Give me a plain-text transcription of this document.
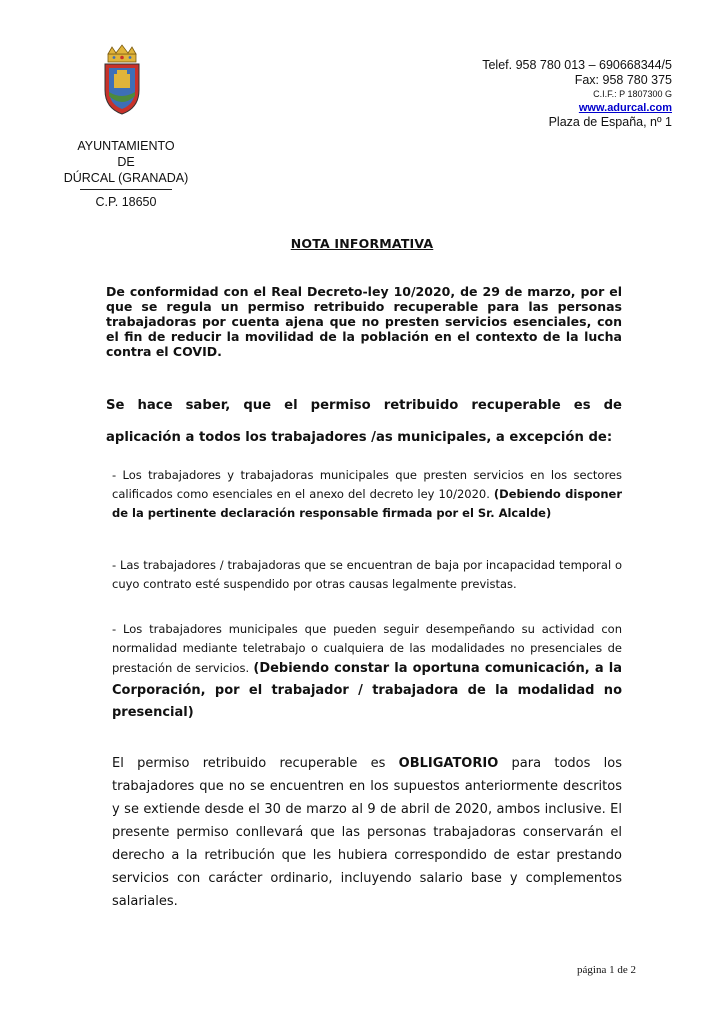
AYUNTAMIENTO
DE
DÚRCAL (GRANADA)
C.P. 18650
Telef. 958 780 013 – 690668344/5
Fax: 958 780 375
C.I.F.: P 1807300 G
www.adurcal.com
Plaza de España, nº 1
NOTA INFORMATIVA
De conformidad con el Real Decreto-ley 10/2020, de 29 de marzo, por el que se regula un permiso retribuido recuperable para las personas trabajadoras por cuenta ajena que no presten servicios esenciales, con el fin de reducir la movilidad de la población en el contexto de la lucha contra el COVID.
Se hace saber, que el permiso retribuido recuperable es de
aplicación a todos los trabajadores /as municipales, a excepción de:
- Los trabajadores y trabajadoras municipales que presten servicios en los sectores calificados como esenciales en el anexo del decreto ley 10/2020. (Debiendo disponer de la pertinente declaración responsable firmada por el Sr. Alcalde)
- Las trabajadores / trabajadoras que se encuentran de baja por incapacidad temporal o cuyo contrato esté suspendido por otras causas legalmente previstas.
- Los trabajadores municipales que pueden seguir desempeñando su actividad con normalidad mediante teletrabajo o cualquiera de las modalidades no presenciales de prestación de servicios. (Debiendo constar la oportuna comunicación, a la Corporación, por el trabajador / trabajadora de la modalidad no presencial)
El permiso retribuido recuperable es OBLIGATORIO para todos los trabajadores que no se encuentren en los supuestos anteriormente descritos y se extiende desde el 30 de marzo al 9 de abril de 2020, ambos inclusive. El presente permiso conllevará que las personas trabajadoras conservarán el derecho a la retribución que les hubiera correspondido de estar prestando servicios con carácter ordinario, incluyendo salario base y complementos salariales.
página 1 de 2
